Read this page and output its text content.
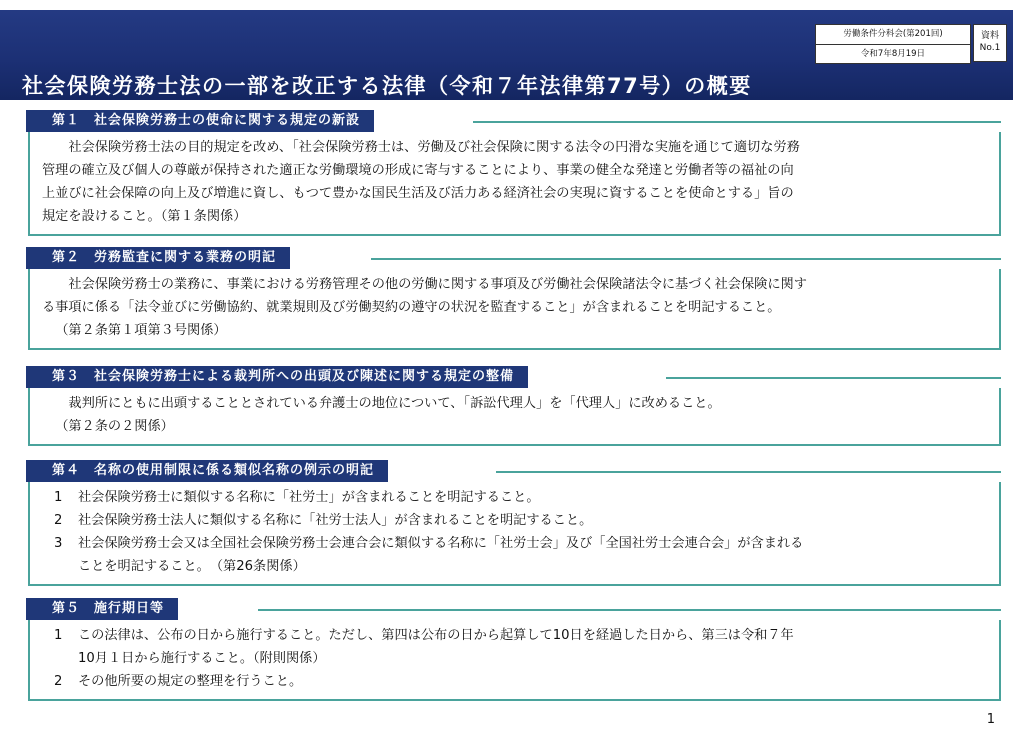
労働条件分科会(第201回)
令和7年8月19日
資料
No.1
社会保険労務士法の一部を改正する法律（令和７年法律第77号）の概要
第１　社会保険労務士の使命に関する規定の新設

社会保険労務士法の目的規定を改め、「社会保険労務士は、労働及び社会保険に関する法令の円滑な実施を通じて適切な労務

管理の確立及び個人の尊厳が保持された適正な労働環境の形成に寄与することにより、事業の健全な発達と労働者等の福祉の向

上並びに社会保障の向上及び増進に資し、もつて豊かな国民生活及び活力ある経済社会の実現に資することを使命とする」旨の

規定を設けること。（第１条関係）

第２　労務監査に関する業務の明記

社会保険労務士の業務に、事業における労務管理その他の労働に関する事項及び労働社会保険諸法令に基づく社会保険に関す

る事項に係る「法令並びに労働協約、就業規則及び労働契約の遵守の状況を監査すること」が含まれることを明記すること。

（第２条第１項第３号関係）

第３　社会保険労務士による裁判所への出頭及び陳述に関する規定の整備

裁判所にともに出頭することとされている弁護士の地位について、「訴訟代理人」を「代理人」に改めること。

（第２条の２関係）

第４　名称の使用制限に係る類似名称の例示の明記

1 社会保険労務士に類似する名称に「社労士」が含まれることを明記すること。

2 社会保険労務士法人に類似する名称に「社労士法人」が含まれることを明記すること。

3 社会保険労務士会又は全国社会保険労務士会連合会に類似する名称に「社労士会」及び「全国社労士会連合会」が含まれる

ことを明記すること。　（第26条関係）

第５　施行期日等

1 この法律は、公布の日から施行すること。ただし、第四は公布の日から起算して10日を経過した日から、第三は令和７年

10月１日から施行すること。（附則関係）

2 その他所要の規定の整理を行うこと。

1
